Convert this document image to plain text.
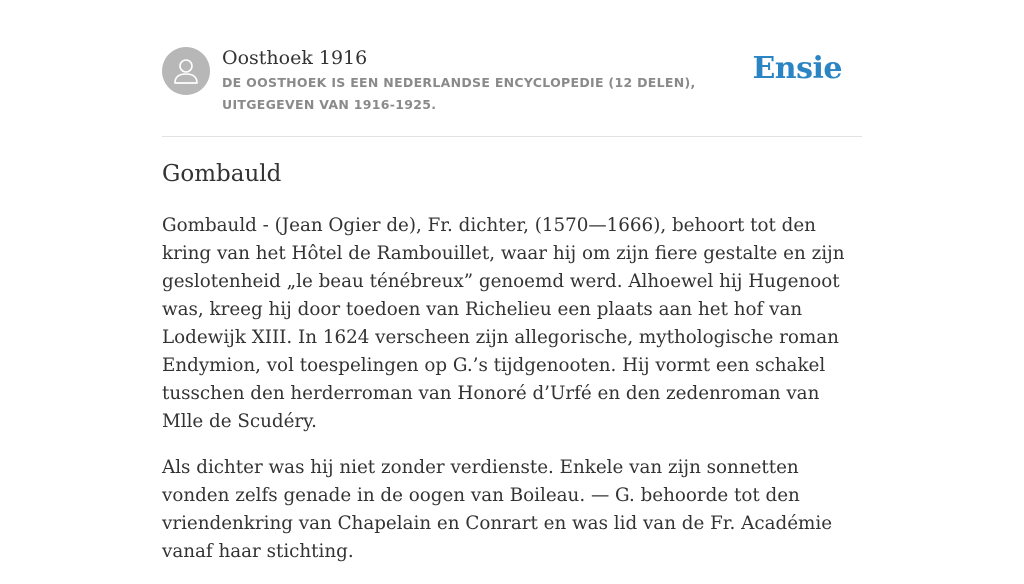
Oosthoek 1916

DE OOSTHOEK IS EEN NEDERLANDSE ENCYCLOPEDIE (12 DELEN), UITGEGEVEN VAN 1916-1925.

Ensie
Gombauld

Gombauld - (Jean Ogier de), Fr. dichter, (1570—1666), behoort tot den kring van het Hôtel de Rambouillet, waar hij om zijn fiere gestalte en zijn geslotenheid „le beau ténébreux” genoemd werd. Alhoewel hij Hugenoot was, kreeg hij door toedoen van Richelieu een plaats aan het hof van Lodewijk XIII. In 1624 verscheen zijn allegorische, mythologische roman Endymion, vol toespelingen op G.’s tijdgenooten. Hij vormt een schakel tusschen den herderroman van Honoré d’Urfé en den zedenroman van Mlle de Scudéry.

Als dichter was hij niet zonder verdienste. Enkele van zijn sonnetten vonden zelfs genade in de oogen van Boileau. — G. behoorde tot den vriendenkring van Chapelain en Conrart en was lid van de Fr. Académie vanaf haar stichting.
